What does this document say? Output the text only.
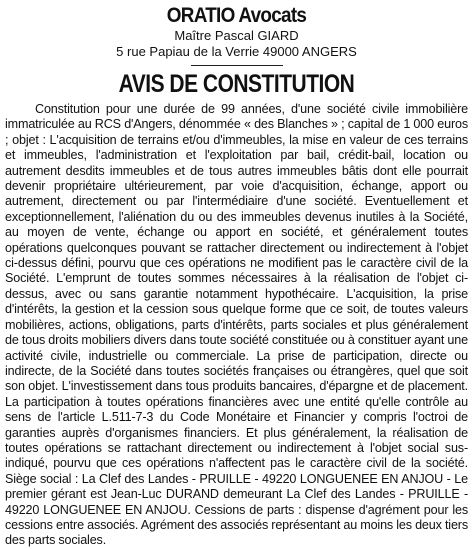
ORATIO Avocats

Maître Pascal GIARD

5 rue Papiau de la Verrie 49000 ANGERS

AVIS DE CONSTITUTION

Constitution pour une durée de 99 années, d'une société civile immobilière immatriculée au RCS d'Angers, dénommée « des Blanches » ; capital de 1 000 euros ; objet : L'acquisition de terrains et/ou d'immeubles, la mise en valeur de ces terrains et immeubles, l'administration et l'exploitation par bail, crédit-bail, location ou autrement desdits immeubles et de tous autres immeubles bâtis dont elle pourrait devenir propriétaire ultérieurement, par voie d'acquisition, échange, apport ou autrement, directement ou par l'intermédiaire d'une société. Eventuellement et exceptionnellement, l'aliénation du ou des immeubles devenus inutiles à la Société, au moyen de vente, échange ou apport en société, et généralement toutes opérations quelconques pouvant se rattacher directement ou indirectement à l'objet ci-dessus défini, pourvu que ces opérations ne modifient pas le caractère civil de la Société. L'emprunt de toutes sommes nécessaires à la réalisation de l'objet ci-dessus, avec ou sans garantie notamment hypothécaire. L'acquisition, la prise d'intérêts, la gestion et la cession sous quelque forme que ce soit, de toutes valeurs mobilières, actions, obligations, parts d'intérêts, parts sociales et plus généralement de tous droits mobiliers divers dans toute société constituée ou à constituer ayant une activité civile, industrielle ou commerciale. La prise de participation, directe ou indirecte, de la Société dans toutes sociétés françaises ou étrangères, quel que soit son objet. L'investissement dans tous produits bancaires, d'épargne et de placement. La participation à toutes opérations financières avec une entité qu'elle contrôle au sens de l'article L.511-7-3 du Code Monétaire et Financier y compris l'octroi de garanties auprès d'organismes financiers. Et plus généralement, la réalisation de toutes opérations se rattachant directement ou indirectement à l'objet social sus-indiqué, pourvu que ces opérations n'affectent pas le caractère civil de la société. Siège social : La Clef des Landes - PRUILLE - 49220 LONGUENEE EN ANJOU - Le premier gérant est Jean-Luc DURAND demeurant La Clef des Landes - PRUILLE - 49220 LONGUENEE EN ANJOU. Cessions de parts : dispense d'agrément pour les cessions entre associés. Agrément des associés représentant au moins les deux tiers des parts sociales.
